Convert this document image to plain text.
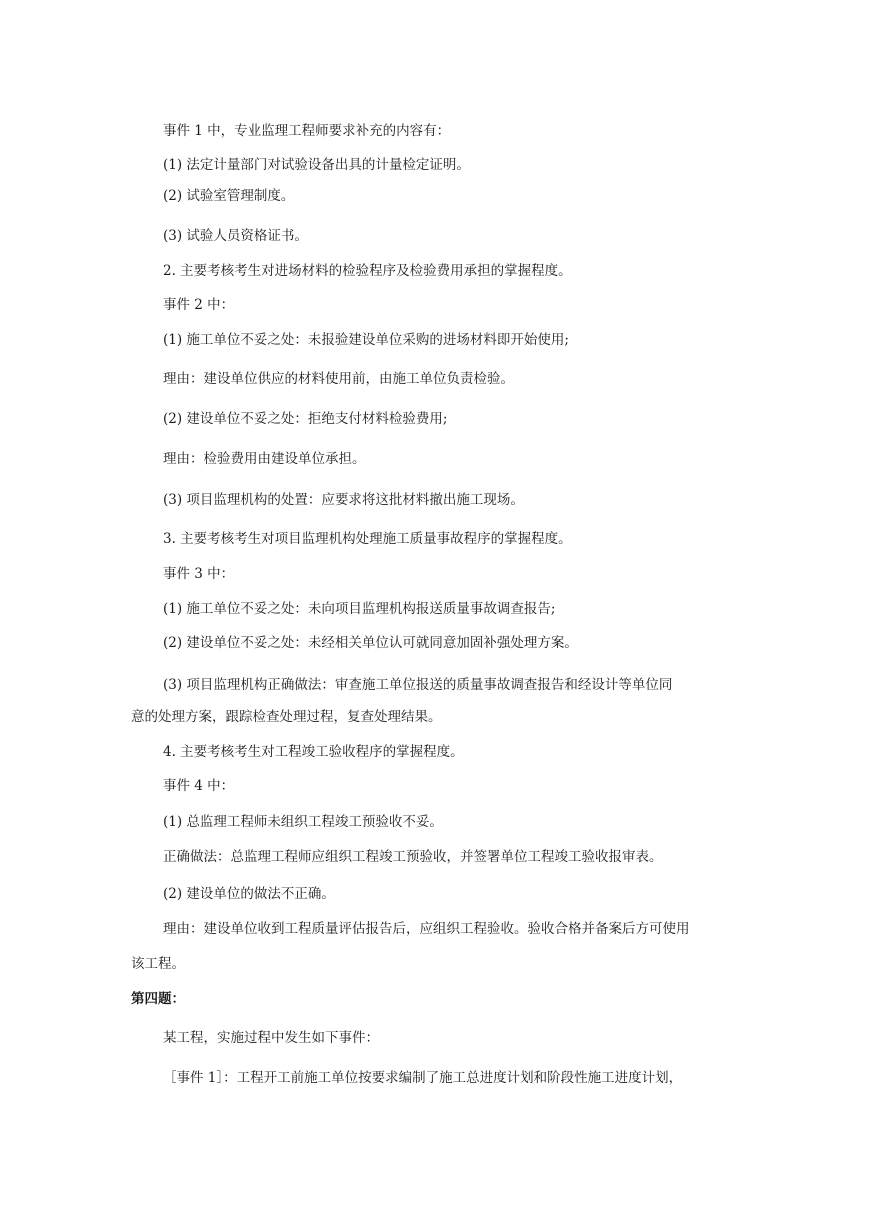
事件 1 中，专业监理工程师要求补充的内容有：
(1) 法定计量部门对试验设备出具的计量检定证明。
(2) 试验室管理制度。
(3) 试验人员资格证书。
2. 主要考核考生对进场材料的检验程序及检验费用承担的掌握程度。
事件 2 中：
(1) 施工单位不妥之处：未报验建设单位采购的进场材料即开始使用;
理由：建设单位供应的材料使用前，由施工单位负责检验。
(2) 建设单位不妥之处：拒绝支付材料检验费用;
理由：检验费用由建设单位承担。
(3) 项目监理机构的处置：应要求将这批材料撤出施工现场。
3. 主要考核考生对项目监理机构处理施工质量事故程序的掌握程度。
事件 3 中：
(1) 施工单位不妥之处：未向项目监理机构报送质量事故调查报告;
(2) 建设单位不妥之处：未经相关单位认可就同意加固补强处理方案。
(3) 项目监理机构正确做法：审查施工单位报送的质量事故调查报告和经设计等单位同
意的处理方案，跟踪检查处理过程，复查处理结果。
4. 主要考核考生对工程竣工验收程序的掌握程度。
事件 4 中：
(1) 总监理工程师未组织工程竣工预验收不妥。
正确做法：总监理工程师应组织工程竣工预验收，并签署单位工程竣工验收报审表。
(2) 建设单位的做法不正确。
理由：建设单位收到工程质量评估报告后，应组织工程验收。验收合格并备案后方可使用
该工程。
第四题：
某工程，实施过程中发生如下事件：
［事件 1］：工程开工前施工单位按要求编制了施工总进度计划和阶段性施工进度计划，
